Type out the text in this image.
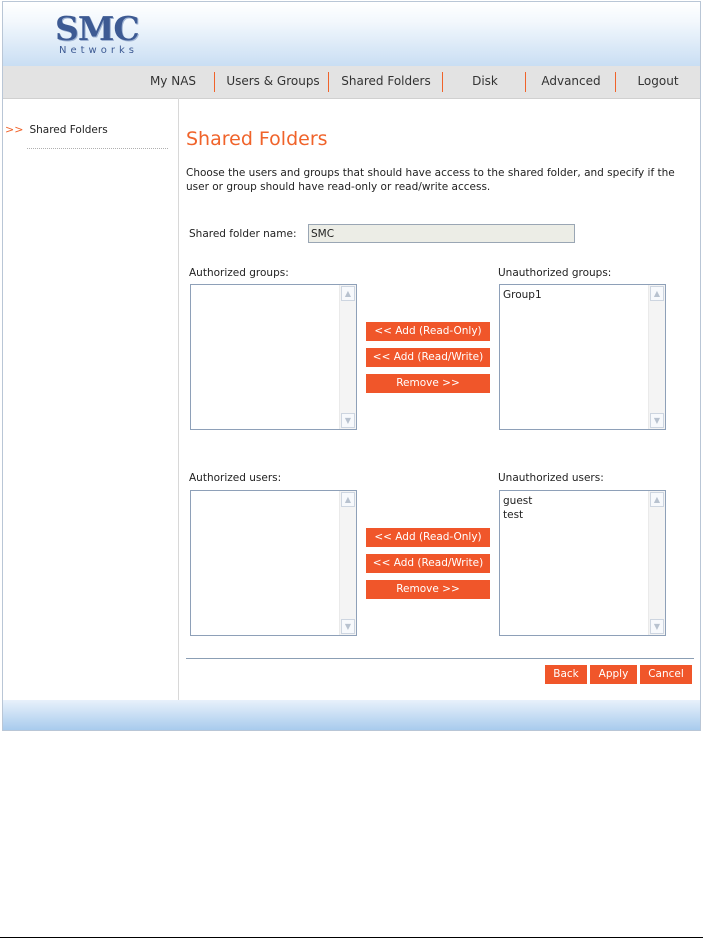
SMC
Networks
My NAS	Users & Groups	Shared Folders	Disk	Advanced	Logout
>> Shared Folders	Shared Folders
Choose the users and groups that should have access to the shared folder, and specify if the user or group should have read-only or read/write access.
Shared folder name :
SMC
Authorized groups:	Unauthorized groups:
▲
▼
<< Add (Read-Only)
<< Add (Read/Write)
Remove >>
Group1	▲
▼
Authorized users:	Unauthorized users:
▲
▼
<< Add (Read-Only)
<< Add (Read/Write)
Remove >>
guest
test
▲
▼
Back	Apply	Cancel
